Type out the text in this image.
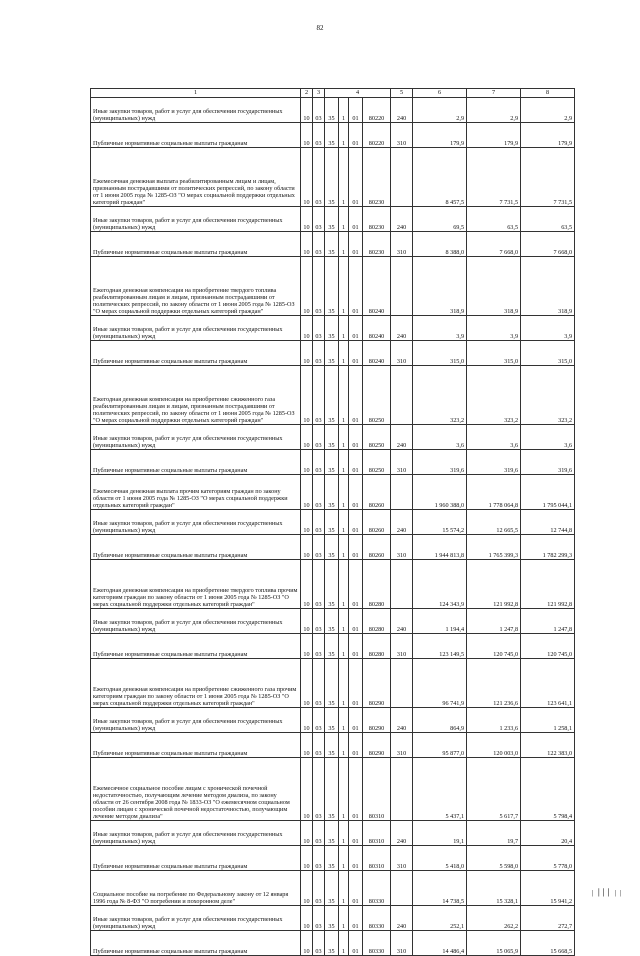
82
1	2	3	4				5	6	7	8
Иные закупки товаров, работ и услуг для обеспечения государственных (муниципальных) нужд	10	03	35	1	01	80220	240	2,9	2,9	2,9
Публичные нормативные социальные выплаты гражданам	10	03	35	1	01	80220	310	179,9	179,9	179,9
Ежемесячная денежная выплата реабилитированным лицам и лицам, признанным пострадавшими от политических репрессий, по закону области от 1 июня 2005 года № 1285-ОЗ "О мерах социальной поддержки отдельных категорий граждан"	10	03	35	1	01	80230		8 457,5	7 731,5	7 731,5
Иные закупки товаров, работ и услуг для обеспечения государственных (муниципальных) нужд	10	03	35	1	01	80230	240	69,5	63,5	63,5
Публичные нормативные социальные выплаты гражданам	10	03	35	1	01	80230	310	8 388,0	7 668,0	7 668,0
Ежегодная денежная компенсация на приобретение твердого топлива реабилитированным лицам и лицам, признанным пострадавшими от политических репрессий, по закону области от 1 июня 2005 года № 1285-ОЗ "О мерах социальной поддержки отдельных категорий граждан"	10	03	35	1	01	80240		318,9	318,9	318,9
Иные закупки товаров, работ и услуг для обеспечения государственных (муниципальных) нужд	10	03	35	1	01	80240	240	3,9	3,9	3,9
Публичные нормативные социальные выплаты гражданам	10	03	35	1	01	80240	310	315,0	315,0	315,0
Ежегодная денежная компенсация на приобретение сжиженного газа реабилитированным лицам и лицам, признанным пострадавшими от политических репрессий, по закону области от 1 июня 2005 года № 1285-ОЗ "О мерах социальной поддержки отдельных категорий граждан"	10	03	35	1	01	80250		323,2	323,2	323,2
Иные закупки товаров, работ и услуг для обеспечения государственных (муниципальных) нужд	10	03	35	1	01	80250	240	3,6	3,6	3,6
Публичные нормативные социальные выплаты гражданам	10	03	35	1	01	80250	310	319,6	319,6	319,6
Ежемесячная денежная выплата прочим категориям граждан по закону области от 1 июня 2005 года № 1285-ОЗ "О мерах социальной поддержки отдельных категорий граждан"	10	03	35	1	01	80260		1 960 388,0	1 778 064,8	1 795 044,1
Иные закупки товаров, работ и услуг для обеспечения государственных (муниципальных) нужд	10	03	35	1	01	80260	240	15 574,2	12 665,5	12 744,8
Публичные нормативные социальные выплаты гражданам	10	03	35	1	01	80260	310	1 944 813,8	1 765 399,3	1 782 299,3
Ежегодная денежная компенсация на приобретение твердого топлива прочим категориям граждан по закону области от 1 июня 2005 года № 1285-ОЗ "О мерах социальной поддержки отдельных категорий граждан"	10	03	35	1	01	80280		124 343,9	121 992,8	121 992,8
Иные закупки товаров, работ и услуг для обеспечения государственных (муниципальных) нужд	10	03	35	1	01	80280	240	1 194,4	1 247,8	1 247,8
Публичные нормативные социальные выплаты гражданам	10	03	35	1	01	80280	310	123 149,5	120 745,0	120 745,0
Ежегодная денежная компенсация на приобретение сжиженного газа прочим категориям граждан по закону области от 1 июня 2005 года № 1285-ОЗ "О мерах социальной поддержки отдельных категорий граждан"	10	03	35	1	01	80290		96 741,9	121 236,6	123 641,1
Иные закупки товаров, работ и услуг для обеспечения государственных (муниципальных) нужд	10	03	35	1	01	80290	240	864,9	1 233,6	1 258,1
Публичные нормативные социальные выплаты гражданам	10	03	35	1	01	80290	310	95 877,0	120 003,0	122 383,0
Ежемесячное социальное пособие лицам с хронической почечной недостаточностью, получающим лечение методом диализа, по закону области от 26 сентября 2008 года № 1833-ОЗ "О ежемесячном социальном пособии лицам с хронической почечной недостаточностью, получающим лечение методом диализа"	10	03	35	1	01	80310		5 437,1	5 617,7	5 798,4
Иные закупки товаров, работ и услуг для обеспечения государственных (муниципальных) нужд	10	03	35	1	01	80310	240	19,1	19,7	20,4
Публичные нормативные социальные выплаты гражданам	10	03	35	1	01	80310	310	5 418,0	5 598,0	5 778,0
Социальное пособие на погребение по Федеральному закону от 12 января 1996 года № 8-ФЗ "О погребении и похоронном деле"	10	03	35	1	01	80330		14 738,5	15 328,1	15 941,2
Иные закупки товаров, работ и услуг для обеспечения государственных (муниципальных) нужд	10	03	35	1	01	80330	240	252,1	262,2	272,7
Публичные нормативные социальные выплаты гражданам	10	03	35	1	01	80330	310	14 486,4	15 065,9	15 668,5
| ׀׀׀ | |
